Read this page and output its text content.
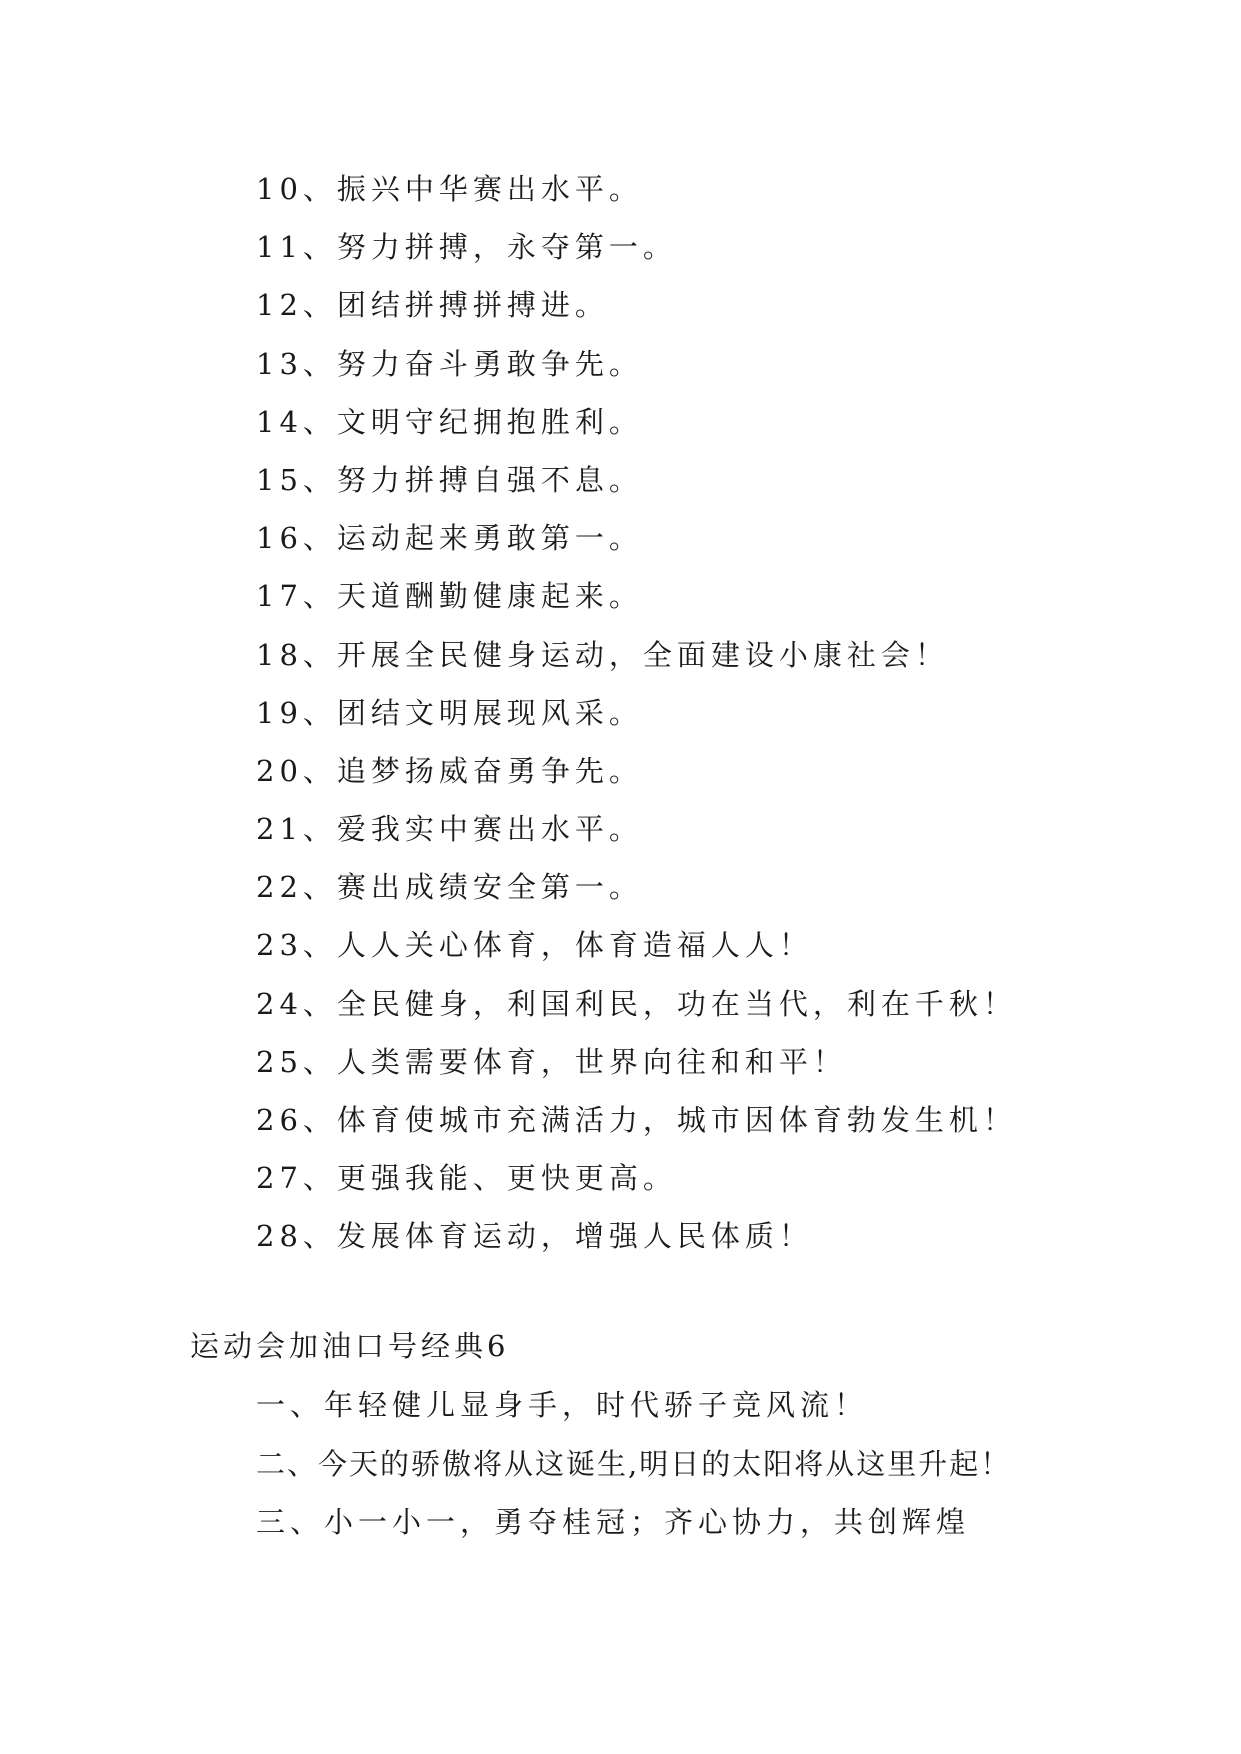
10、振兴中华赛出水平。
11、努力拼搏，永夺第一。
12、团结拼搏拼搏进。
13、努力奋斗勇敢争先。
14、文明守纪拥抱胜利。
15、努力拼搏自强不息。
16、运动起来勇敢第一。
17、天道酬勤健康起来。
18、开展全民健身运动，全面建设小康社会！
19、团结文明展现风采。
20、追梦扬威奋勇争先。
21、爱我实中赛出水平。
22、赛出成绩安全第一。
23、人人关心体育，体育造福人人！
24、全民健身，利国利民，功在当代，利在千秋！
25、人类需要体育，世界向往和和平！
26、体育使城市充满活力，城市因体育勃发生机！
27、更强我能、更快更高。
28、发展体育运动，增强人民体质！
运动会加油口号经典6
一、年轻健儿显身手，时代骄子竞风流！
二、今天的骄傲将从这诞生,明日的太阳将从这里升起！
三、小一小一，勇夺桂冠；齐心协力，共创辉煌
